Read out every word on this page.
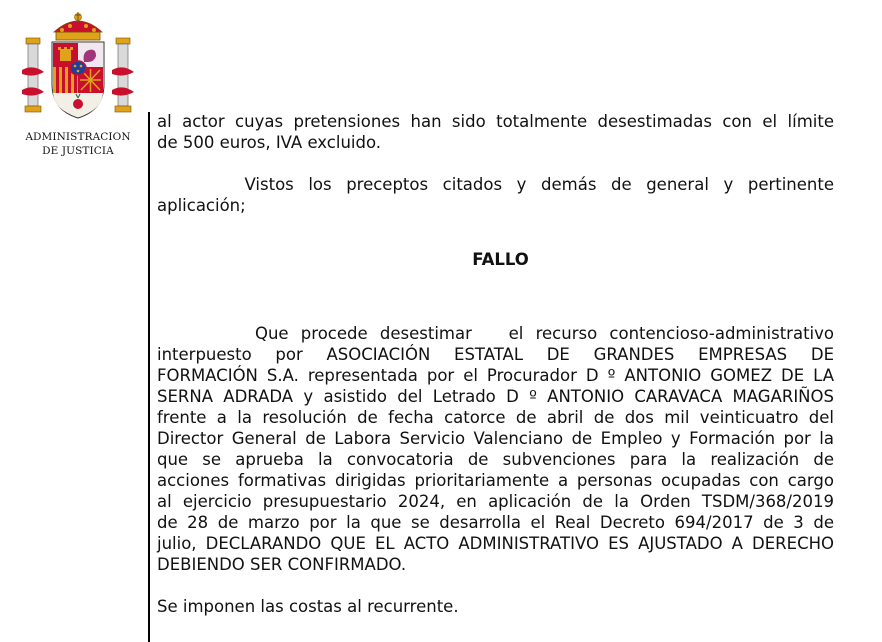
ADMINISTRACION
DE JUSTICIA
al actor cuyas pretensiones han sido totalmente desestimadas con el límite
de 500 euros, IVA excluido.
Vistos los preceptos citados y demás de general y pertinente
aplicación;
FALLO
Que procede desestimar   el recurso contencioso-administrativo
interpuesto por ASOCIACIÓN ESTATAL DE GRANDES EMPRESAS DE
FORMACIÓN S.A. representada por el Procurador D º ANTONIO GOMEZ DE LA
SERNA ADRADA y asistido del Letrado D º ANTONIO CARAVACA MAGARIÑOS
frente a la resolución de fecha catorce de abril de dos mil veinticuatro del
Director General de Labora Servicio Valenciano de Empleo y Formación por la
que se aprueba la convocatoria de subvenciones para la realización de
acciones formativas dirigidas prioritariamente a personas ocupadas con cargo
al ejercicio presupuestario 2024, en aplicación de la Orden TSDM/368/2019
de 28 de marzo por la que se desarrolla el Real Decreto 694/2017 de 3 de
julio, DECLARANDO QUE EL ACTO ADMINISTRATIVO ES AJUSTADO A DERECHO
DEBIENDO SER CONFIRMADO.
Se imponen las costas al recurrente.
